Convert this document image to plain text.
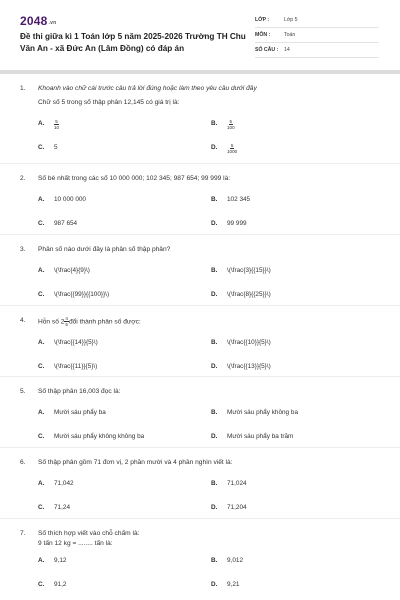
2048.vn
Đề thi giữa kì 1 Toán lớp 5 năm 2025-2026 Trường TH Chu Văn An - xã Đức An (Lâm Đồng) có đáp án
LỚP :	Lớp 5
MÔN :	Toán
SỐ CÂU :	14
1.	Khoanh vào chữ cái trước câu trả lời đúng hoặc làm theo yêu cầu dưới đây
Chữ số 5 trong số thập phân 12,145 có giá trị là:
A.	$\frac{5}{10}$	B.	$\frac{5}{100}$
C.	5	D.	$\frac{5}{1000}$
2.	Số bé nhất trong các số 10 000 000; 102 345; 987 654; 99 999 là:
A.	10 000 000	B.	102 345
C.	987 654	D.	99 999
3.	Phân số nào dưới đây là phân số thập phân?
A.	\(\frac{4}{9}\)	B.	\(\frac{3}{{15}}\)
C.	\(\frac{{99}}{{100}}\)	D.	\(\frac{8}{{25}}\)
4.	Hỗn số $2 \frac{4}{5}$ đổi thành phân số được:
A.	\(\frac{{14}}{5}\)	B.	\(\frac{{10}}{5}\)
C.	\(\frac{{11}}{5}\)	D.	\(\frac{{13}}{5}\)
5.	Số thập phân 16,003 đọc là:
A.	Mười sáu phẩy ba	B.	Mười sáu phẩy không ba
C.	Mười sáu phẩy không không ba	D.	Mười sáu phẩy ba trăm
6.	Số thập phân gồm 71 đơn vị, 2 phần mười và 4 phần nghìn viết là:
A.	71,042	B.	71,024
C.	71,24	D.	71,204
7.	Số thích hợp viết vào chỗ chấm là:
9 tấn 12 kg = ........ tấn là:
A.	9,12	B.	9,012
C.	91,2	D.	9,21
